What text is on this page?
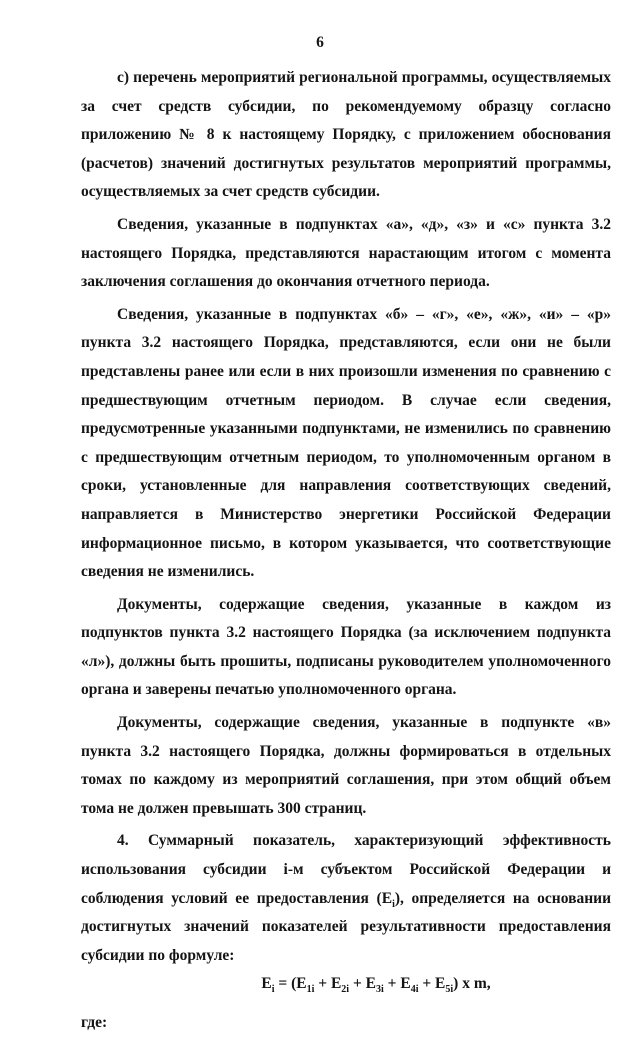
6

с) перечень мероприятий региональной программы, осуществляемых за счет средств субсидии, по рекомендуемому образцу согласно приложению № 8 к настоящему Порядку, с приложением обоснования (расчетов) значений достигнутых результатов мероприятий программы, осуществляемых за счет средств субсидии.

Сведения, указанные в подпунктах «а», «д», «з» и «с» пункта 3.2 настоящего Порядка, представляются нарастающим итогом с момента заключения соглашения до окончания отчетного периода.

Сведения, указанные в подпунктах «б» – «г», «е», «ж», «и» – «р» пункта 3.2 настоящего Порядка, представляются, если они не были представлены ранее или если в них произошли изменения по сравнению с предшествующим отчетным периодом. В случае если сведения, предусмотренные указанными подпунктами, не изменились по сравнению с предшествующим отчетным периодом, то уполномоченным органом в сроки, установленные для направления соответствующих сведений, направляется в Министерство энергетики Российской Федерации информационное письмо, в котором указывается, что соответствующие сведения не изменились.

Документы, содержащие сведения, указанные в каждом из подпунктов пункта 3.2 настоящего Порядка (за исключением подпункта «л»), должны быть прошиты, подписаны руководителем уполномоченного органа и заверены печатью уполномоченного органа.

Документы, содержащие сведения, указанные в подпункте «в» пункта 3.2 настоящего Порядка, должны формироваться в отдельных томах по каждому из мероприятий соглашения, при этом общий объем тома не должен превышать 300 страниц.

4. Суммарный показатель, характеризующий эффективность использования субсидии i-м субъектом Российской Федерации и соблюдения условий ее предоставления $(E_i)$, определяется на основании достигнутых значений показателей результативности предоставления субсидии по формуле:

$E_i = (E_{1i} + E_{2i} + E_{3i} + E_{4i} + E_{5i})$ x m,

где:
